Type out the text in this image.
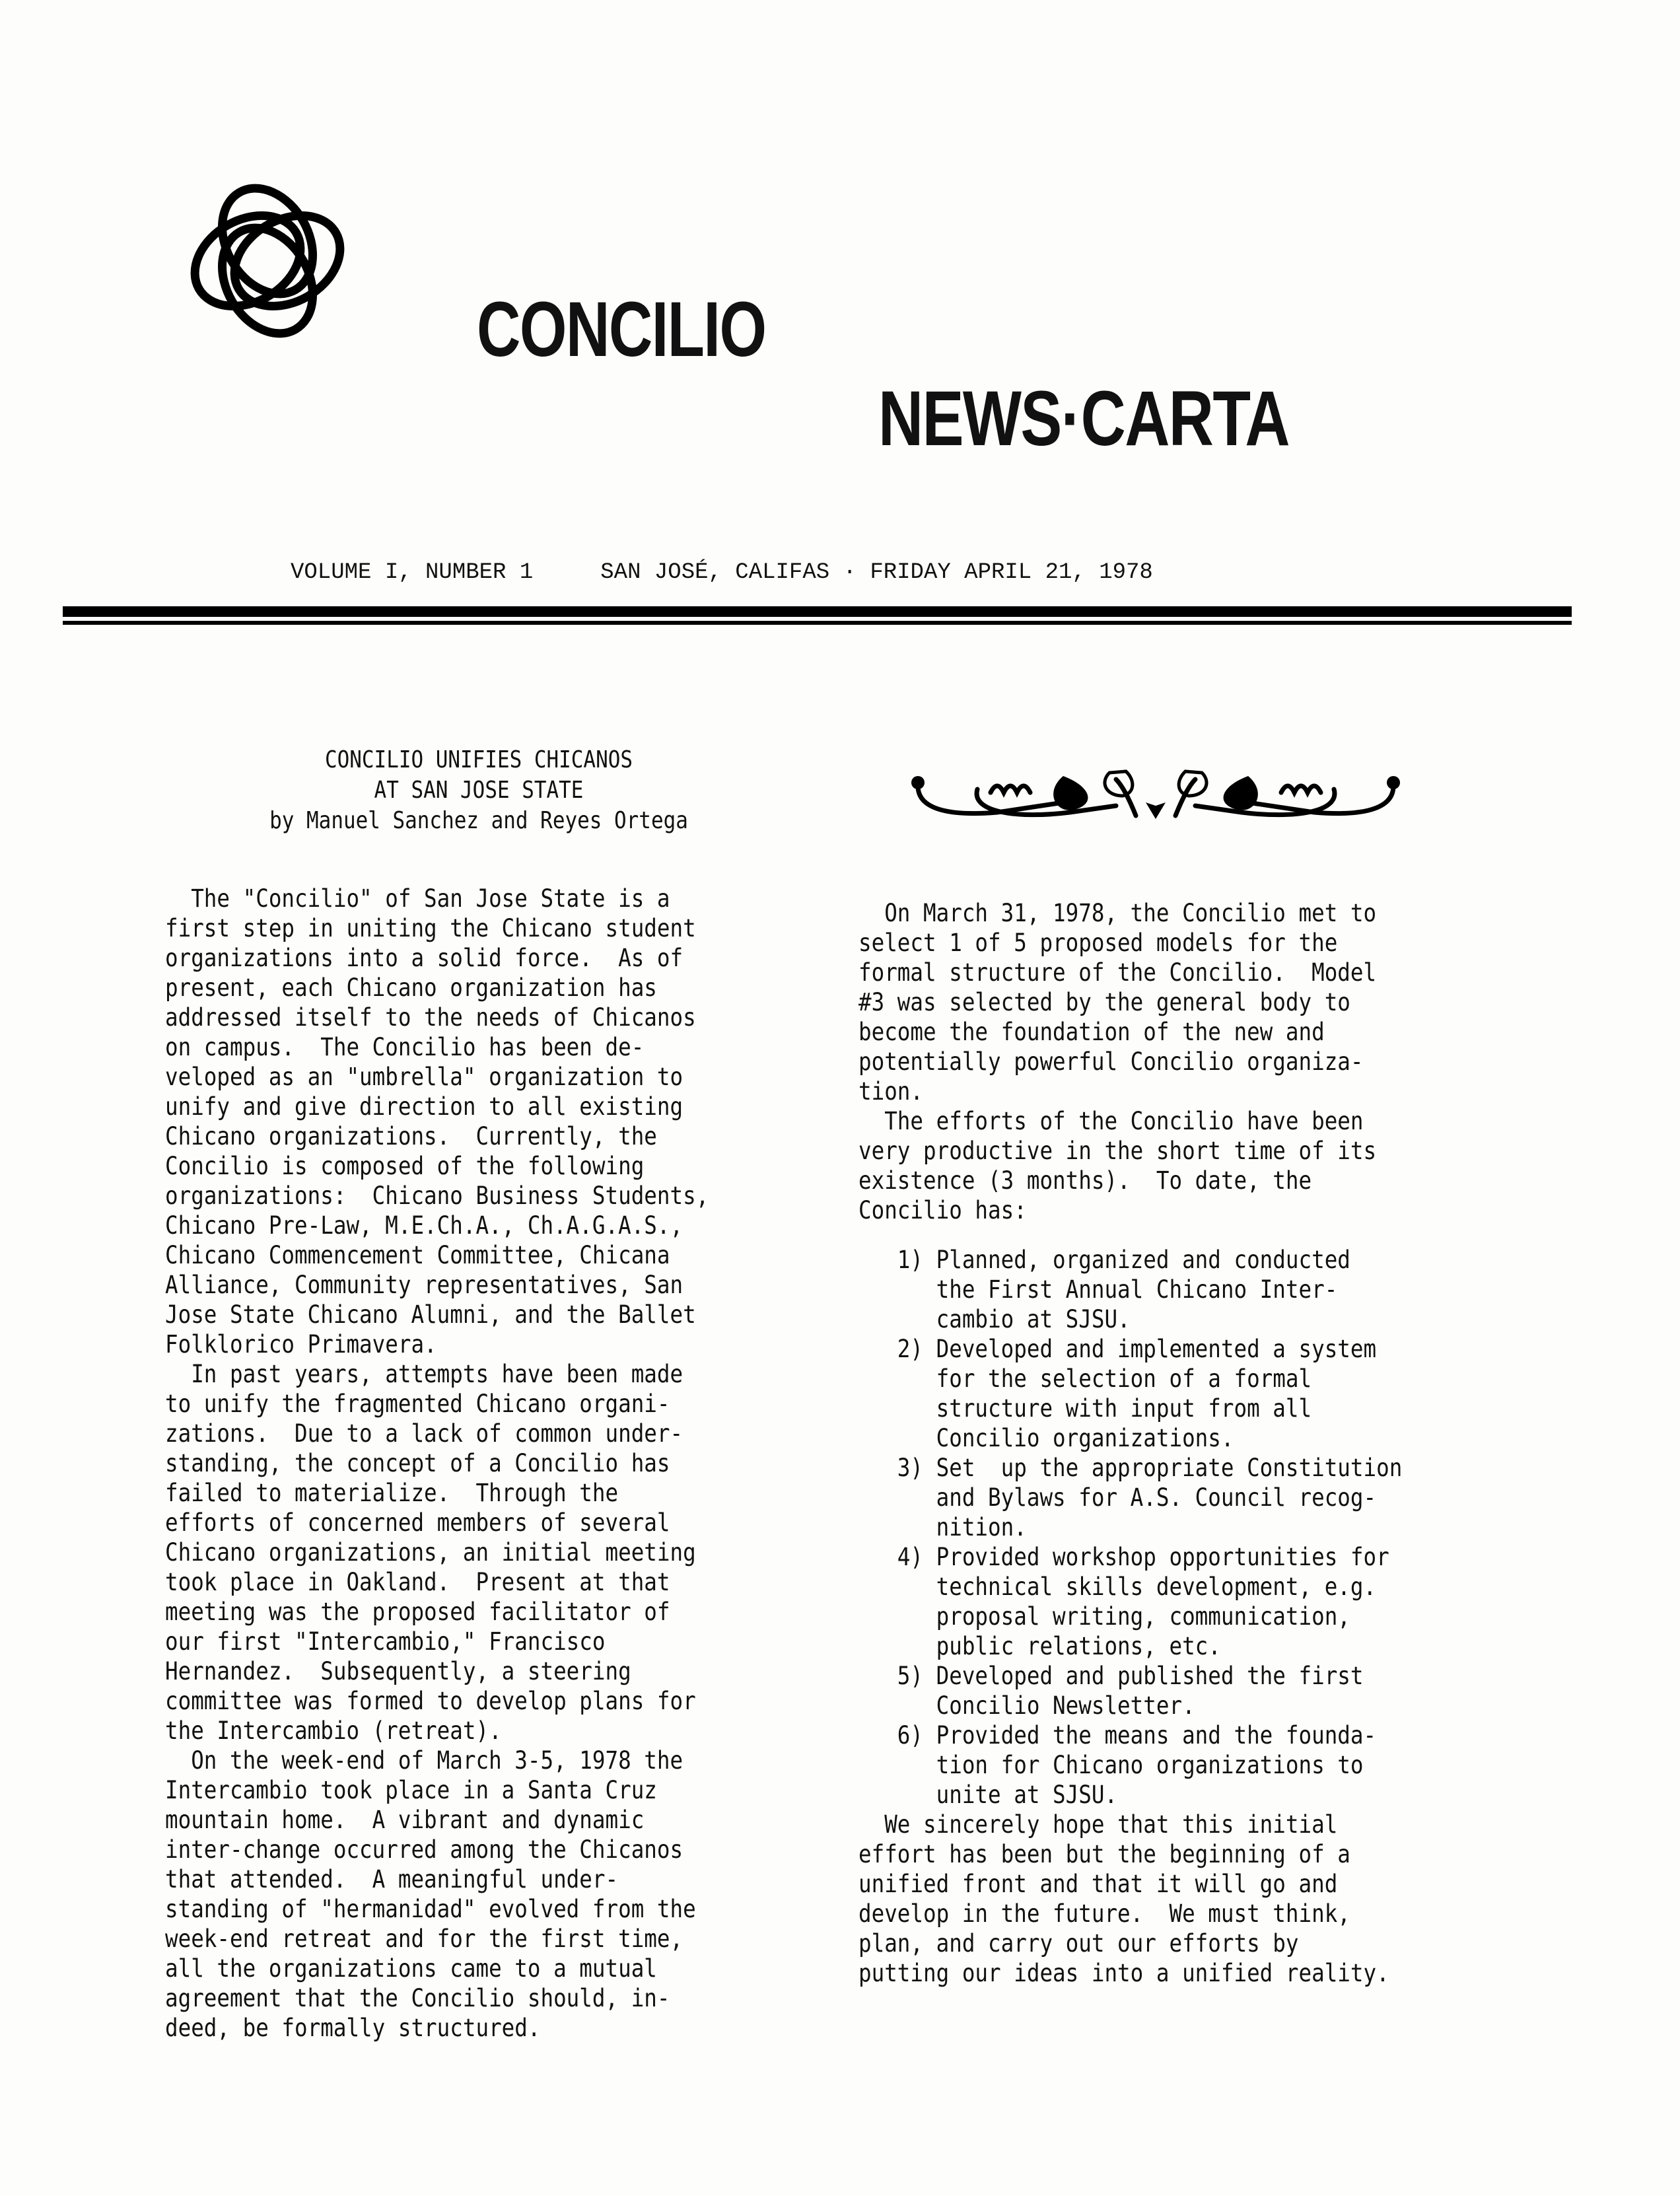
CONCILIO
NEWS·CARTA
VOLUME I, NUMBER 1     SAN JOSÉ, CALIFAS · FRIDAY APRIL 21, 1978
CONCILIO UNIFIES CHICANOS
AT SAN JOSE STATE
by Manuel Sanchez and Reyes Ortega
The "Concilio" of San Jose State is a
first step in uniting the Chicano student
organizations into a solid force.  As of
present, each Chicano organization has
addressed itself to the needs of Chicanos
on campus.  The Concilio has been de-
veloped as an "umbrella" organization to
unify and give direction to all existing
Chicano organizations.  Currently, the
Concilio is composed of the following
organizations:  Chicano Business Students,
Chicano Pre-Law, M.E.Ch.A., Ch.A.G.A.S.,
Chicano Commencement Committee, Chicana
Alliance, Community representatives, San
Jose State Chicano Alumni, and the Ballet
Folklorico Primavera.
In past years, attempts have been made
to unify the fragmented Chicano organi-
zations.  Due to a lack of common under-
standing, the concept of a Concilio has
failed to materialize.  Through the
efforts of concerned members of several
Chicano organizations, an initial meeting
took place in Oakland.  Present at that
meeting was the proposed facilitator of
our first "Intercambio," Francisco
Hernandez.  Subsequently, a steering
committee was formed to develop plans for
the Intercambio (retreat).
On the week-end of March 3-5, 1978 the
Intercambio took place in a Santa Cruz
mountain home.  A vibrant and dynamic
inter-change occurred among the Chicanos
that attended.  A meaningful under-
standing of "hermanidad" evolved from the
week-end retreat and for the first time,
all the organizations came to a mutual
agreement that the Concilio should, in-
deed, be formally structured.
On March 31, 1978, the Concilio met to
select 1 of 5 proposed models for the
formal structure of the Concilio.  Model
#3 was selected by the general body to
become the foundation of the new and
potentially powerful Concilio organiza-
tion.
The efforts of the Concilio have been
very productive in the short time of its
existence (3 months).  To date, the
Concilio has:
1) Planned, organized and conducted
the First Annual Chicano Inter-
cambio at SJSU.
2) Developed and implemented a system
for the selection of a formal
structure with input from all
Concilio organizations.
3) Set  up the appropriate Constitution
and Bylaws for A.S. Council recog-
nition.
4) Provided workshop opportunities for
technical skills development, e.g.
proposal writing, communication,
public relations, etc.
5) Developed and published the first
Concilio Newsletter.
6) Provided the means and the founda-
tion for Chicano organizations to
unite at SJSU.
We sincerely hope that this initial
effort has been but the beginning of a
unified front and that it will go and
develop in the future.  We must think,
plan, and carry out our efforts by
putting our ideas into a unified reality.
